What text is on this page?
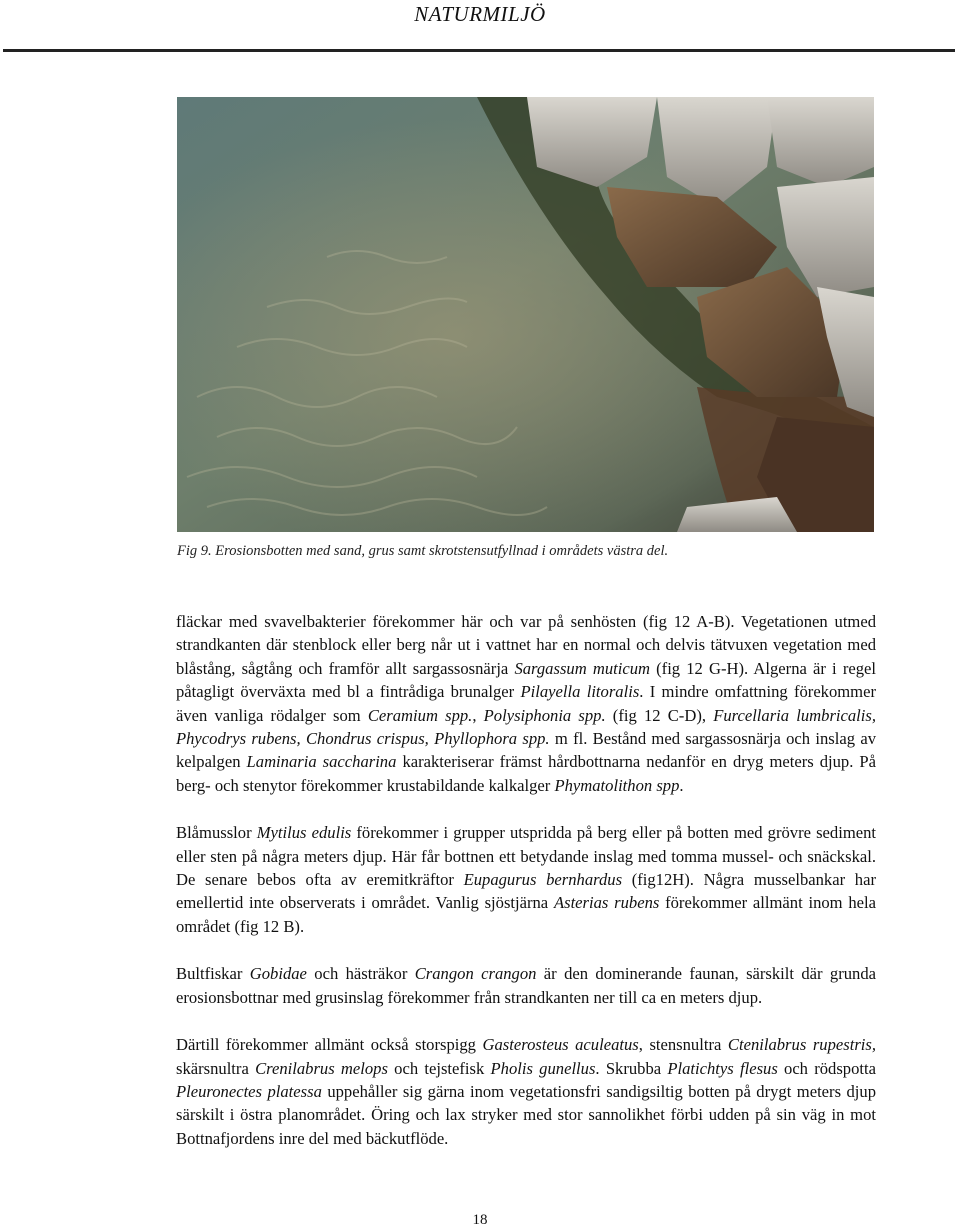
NATURMILJÖ
Fig 9. Erosionsbotten med sand, grus samt skrotstensutfyllnad i områdets västra del.

fläckar med svavelbakterier förekommer här och var på senhösten (fig 12 A-B). Vegetationen utmed strandkanten där stenblock eller berg når ut i vattnet har en normal och delvis tätvuxen vegetation med blåstång, sågtång och framför allt sargassosnärja Sargassum muticum (fig 12 G-H). Algerna är i regel påtagligt överväxta med bl a fintrådiga brunalger Pilayella litoralis. I mindre omfattning förekommer även vanliga rödalger som Ceramium spp., Polysiphonia spp. (fig 12 C-D), Furcellaria lumbricalis, Phycodrys rubens, Chondrus crispus, Phyllophora spp. m fl. Bestånd med sargassosnärja och inslag av kelpalgen Laminaria saccharina karakteriserar främst hårdbottnarna nedanför en dryg meters djup. På berg- och stenytor förekommer krustabildande kalkalger Phymatolithon spp.

Blåmusslor Mytilus edulis förekommer i grupper utspridda på berg eller på botten med grövre sediment eller sten på några meters djup. Här får bottnen ett betydande inslag med tomma mussel- och snäckskal. De senare bebos ofta av eremitkräftor Eupagurus bernhardus (fig12H). Några musselbankar har emellertid inte observerats i området. Vanlig sjöstjärna Asterias rubens förekommer allmänt inom hela området (fig 12 B).

Bultfiskar Gobidae och hästräkor Crangon crangon är den dominerande faunan, särskilt där grunda erosionsbottnar med grusinslag förekommer från strandkanten ner till ca en meters djup.

Därtill förekommer allmänt också storspigg Gasterosteus aculeatus, stensnultra Ctenilabrus rupestris, skärsnultra Crenilabrus melops och tejstefisk Pholis gunellus. Skrubba Platichtys flesus och rödspotta Pleuronectes platessa uppehåller sig gärna inom vegetationsfri sandigsiltig botten på drygt meters djup särskilt i östra planområdet. Öring och lax stryker med stor sannolikhet förbi udden på sin väg in mot Bottnafjordens inre del med bäckutflöde.

18
